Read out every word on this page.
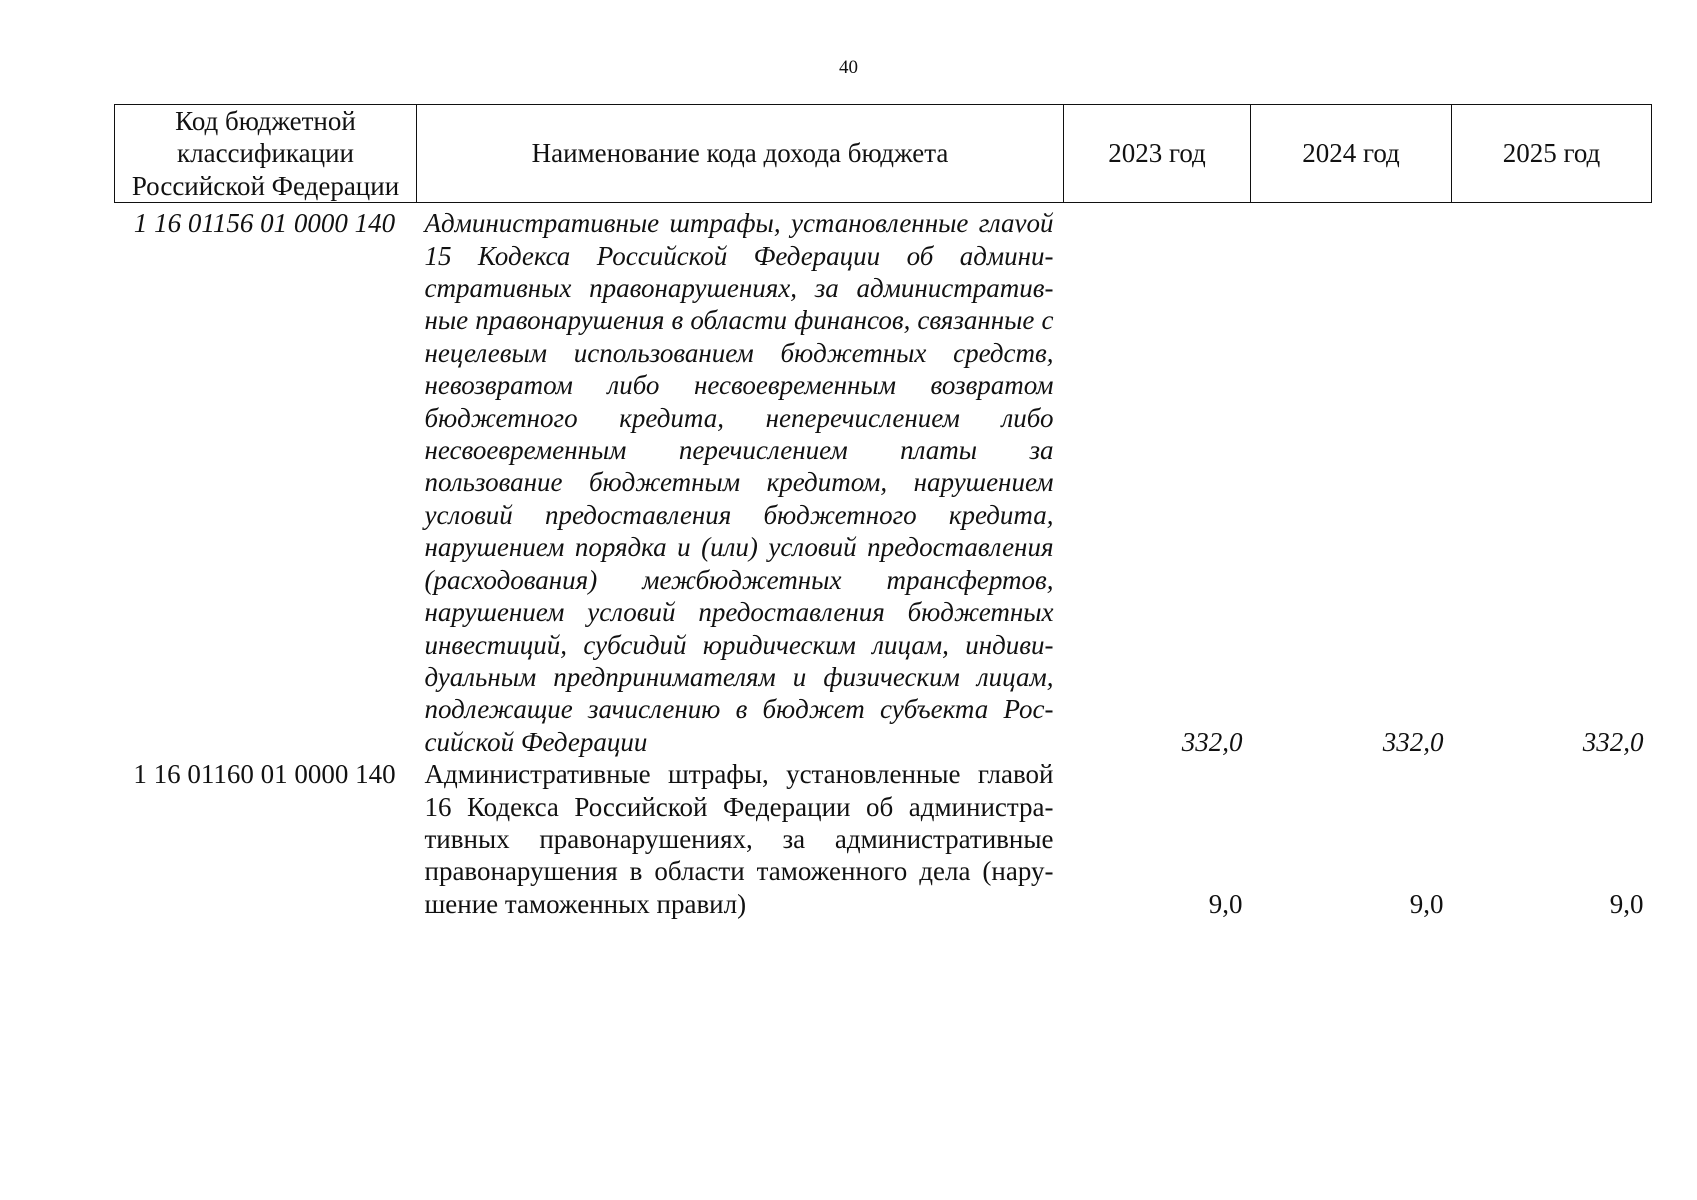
40
Код бюджетной классификации Российской Федерации	Наименование кода дохода бюджета	2023 год	2024 год	2025 год
1 16 01156 01 0000 140	Административные штрафы, установленные глаvой 15 Кодекса Российской Федерации об административных правонарушениях, за административные правонарушения в области финансов, связанные с нецелевым использованием бюджетных средств, невозвратом либо несвоевременным возвратом бюджетного кредита, неперечислением либо несвоевременным перечислением платы за пользование бюджетным кредитом, нарушением условий предоставления бюджетного кредита, нарушением порядка и (или) условий предоставления (расходования) межбюджетных трансфертов, нарушением условий предоставления бюджетных инвестиций, субсидий юридическим лицам, индивидуальным предпринимателям и физическим лицам, подлежащие зачислению в бюджет субъекта Российской Федерации	332,0	332,0	332,0
1 16 01160 01 0000 140	Административные штрафы, установленные главой 16 Кодекса Российской Федерации об административных правонарушениях, за административные правонарушения в области таможенного дела (нарушение таможенных правил)	9,0	9,0	9,0
